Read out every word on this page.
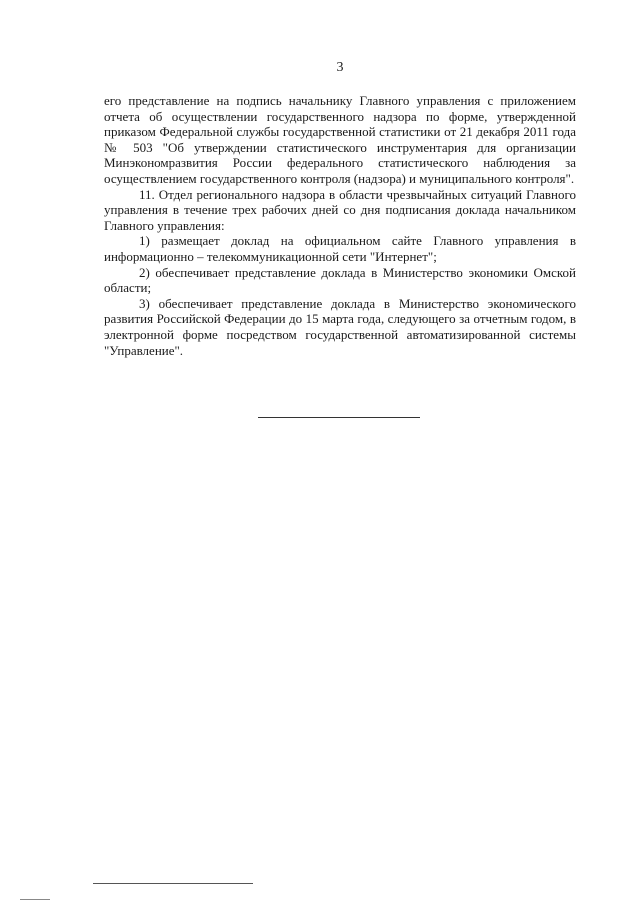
3

его представление на подпись начальнику Главного управления с приложением отчета об осуществлении государственного надзора по форме, утвержденной приказом Федеральной службы государственной статистики от 21 декабря 2011 года № 503 "Об утверждении статистического инструментария для организации Минэкономразвития России федерального статистического наблюдения за осуществлением государственного контроля (надзора) и муниципального контроля".

11. Отдел регионального надзора в области чрезвычайных ситуаций Главного управления в течение трех рабочих дней со дня подписания доклада начальником Главного управления:

1) размещает доклад на официальном сайте Главного управления в информационно – телекоммуникационной сети "Интернет";

2) обеспечивает представление доклада в Министерство экономики Омской области;

3) обеспечивает представление доклада в Министерство экономического развития Российской Федерации до 15 марта года, следующего за отчетным годом, в электронной форме посредством государственной автоматизированной системы "Управление".
